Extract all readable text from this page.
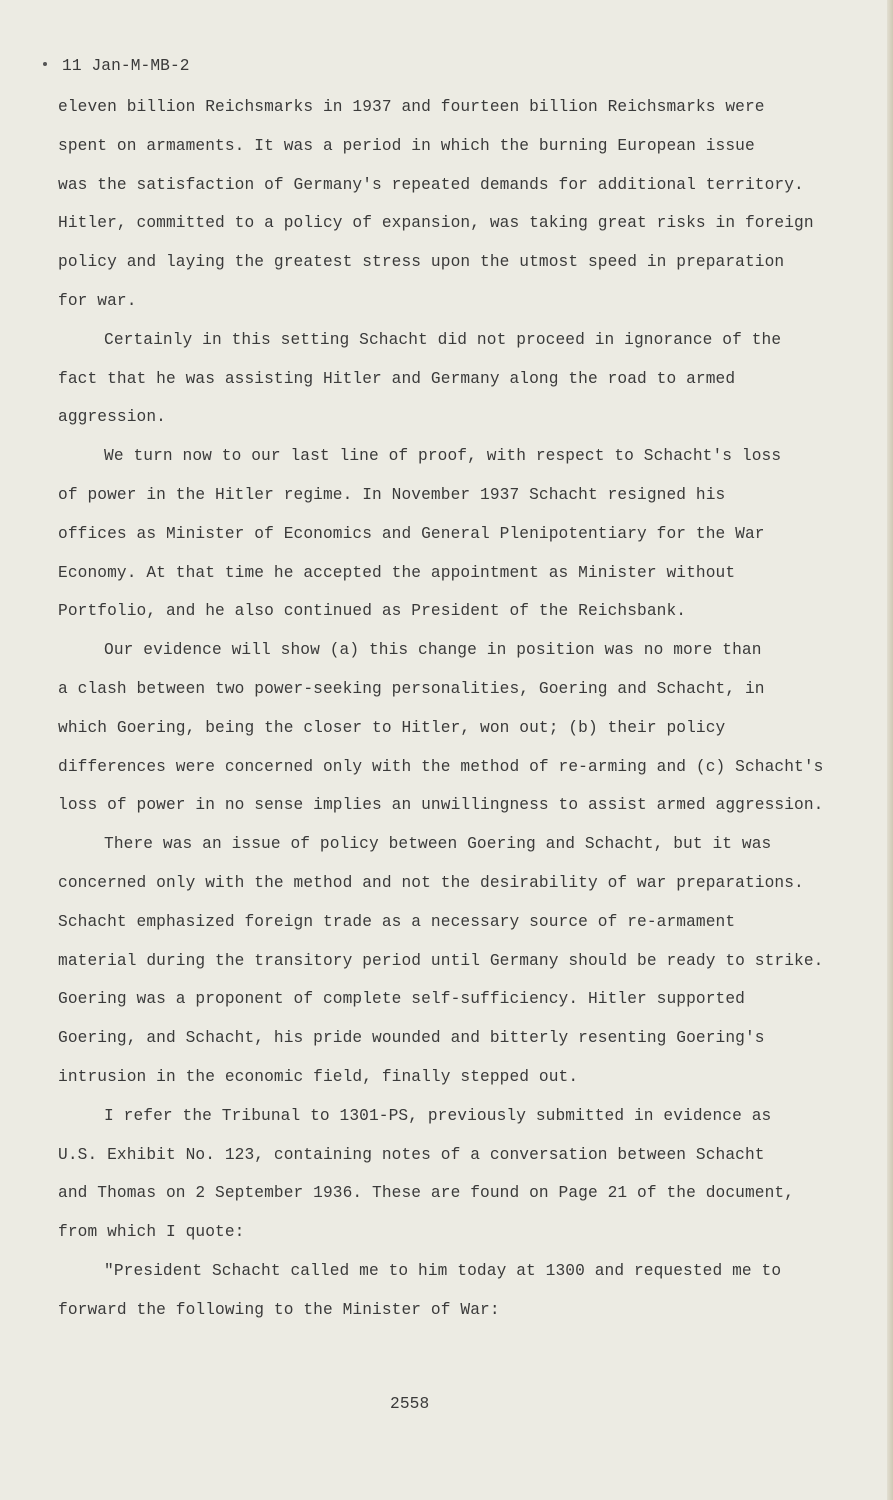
11 Jan-M-MB-2
eleven billion Reichsmarks in 1937 and fourteen billion Reichsmarks were
spent on armaments. It was a period in which the burning European issue
was the satisfaction of Germany's repeated demands for additional territory.
Hitler, committed to a policy of expansion, was taking great risks in foreign
policy and laying the greatest stress upon the utmost speed in preparation
for war.
Certainly in this setting Schacht did not proceed in ignorance of the
fact that he was assisting Hitler and Germany along the road to armed
aggression.
We turn now to our last line of proof, with respect to Schacht's loss
of power in the Hitler regime. In November 1937 Schacht resigned his
offices as Minister of Economics and General Plenipotentiary for the War
Economy. At that time he accepted the appointment as Minister without
Portfolio, and he also continued as President of the Reichsbank.
Our evidence will show (a) this change in position was no more than
a clash between two power-seeking personalities, Goering and Schacht, in
which Goering, being the closer to Hitler, won out; (b) their policy
differences were concerned only with the method of re-arming and (c) Schacht's
loss of power in no sense implies an unwillingness to assist armed aggression.
There was an issue of policy between Goering and Schacht, but it was
concerned only with the method and not the desirability of war preparations.
Schacht emphasized foreign trade as a necessary source of re-armament
material during the transitory period until Germany should be ready to strike.
Goering was a proponent of complete self-sufficiency. Hitler supported
Goering, and Schacht, his pride wounded and bitterly resenting Goering's
intrusion in the economic field, finally stepped out.
I refer the Tribunal to 1301-PS, previously submitted in evidence as
U.S. Exhibit No. 123, containing notes of a conversation between Schacht
and Thomas on 2 September 1936. These are found on Page 21 of the document,
from which I quote:
"President Schacht called me to him today at 1300 and requested me to
forward the following to the Minister of War:
2558
